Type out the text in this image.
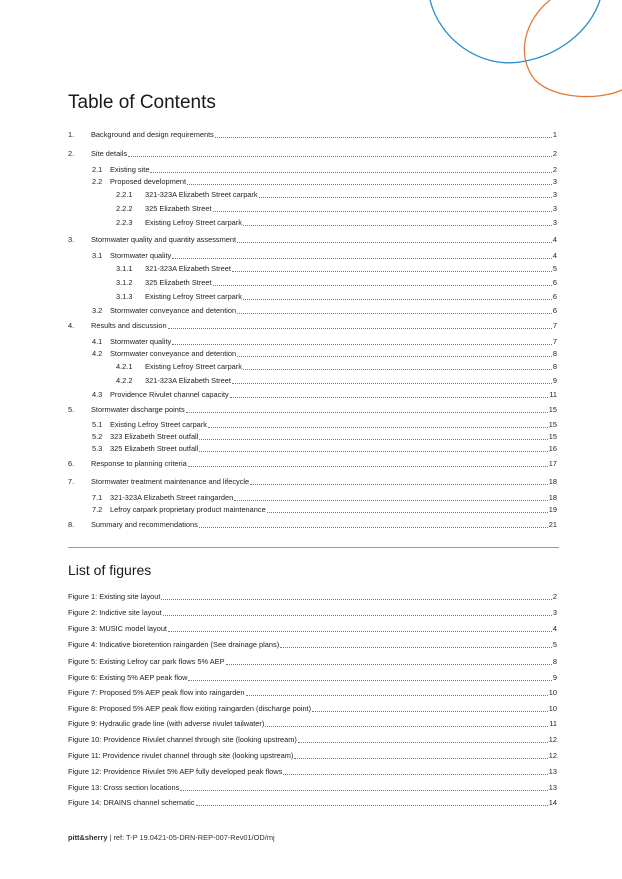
Table of Contents
1.	Background and design requirements	1
2.	Site details	2
2.1	Existing site	2
2.2	Proposed development	3
2.2.1	321-323A Elizabeth Street carpark	3
2.2.2	325 Elizabeth Street	3
2.2.3	Existing Lefroy Street carpark	3
3.	Stormwater quality and quantity assessment	4
3.1	Stormwater quality	4
3.1.1	321-323A Elizabeth Street	5
3.1.2	325 Elizabeth Street	6
3.1.3	Existing Lefroy Street carpark	6
3.2	Stormwater conveyance and detention	6
4.	Results and discussion	7
4.1	Stormwater quality	7
4.2	Stormwater conveyance and detention	8
4.2.1	Existing Lefroy Street carpark	8
4.2.2	321-323A Elizabeth Street	9
4.3	Providence Rivulet channel capacity	11
5.	Stormwater discharge points	15
5.1	Existing Lefroy Street carpark	15
5.2	323 Elizabeth Street outfall	15
5.3	325 Elizabeth Street outfall	16
6.	Response to planning criteria	17
7.	Stormwater treatment maintenance and lifecycle	18
7.1	321-323A Elizabeth Street raingarden	18
7.2	Lefroy carpark proprietary product maintenance	19
8.	Summary and recommendations	21
List of figures
Figure 1: Existing site layout	2
Figure 2: Indictive site layout	3
Figure 3: MUSIC model layout	4
Figure 4: Indicative bioretention raingarden (See drainage plans)	5
Figure 5: Existing Lefroy car park flows 5% AEP	8
Figure 6: Existing 5% AEP peak flow	9
Figure 7: Proposed 5% AEP peak flow into raingarden	10
Figure 8: Proposed 5% AEP peak flow exiting raingarden (discharge point)	10
Figure 9: Hydraulic grade line (with adverse rivulet tailwater)	11
Figure 10: Providence Rivulet channel through site (looking upstream)	12
Figure 11: Providence rivulet channel through site (looking upstream)	12
Figure 12: Providence Rivulet 5% AEP fully developed peak flows	13
Figure 13: Cross section locations	13
Figure 14: DRAINS channel schematic	14
pitt&sherry | ref: T-P 19.0421-05-DRN-REP-007-Rev01/OD/mj
